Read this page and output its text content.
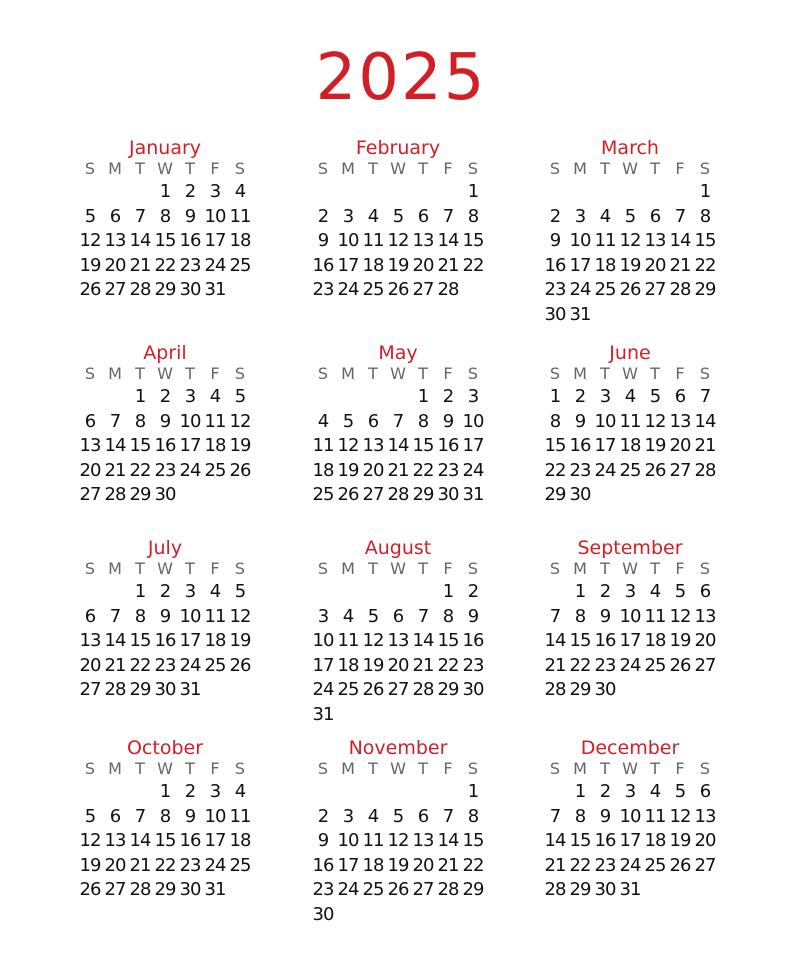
2025
January
S M T W T F S
1 2 3 4
5 6 7 8 9 10 11
12 13 14 15 16 17 18
19 20 21 22 23 24 25
26 27 28 29 30 31
February
S M T W T F S
1
2 3 4 5 6 7 8
9 10 11 12 13 14 15
16 17 18 19 20 21 22
23 24 25 26 27 28
March
S M T W T F S
1
2 3 4 5 6 7 8
9 10 11 12 13 14 15
16 17 18 19 20 21 22
23 24 25 26 27 28 29
30 31
April
S M T W T F S
1 2 3 4 5
6 7 8 9 10 11 12
13 14 15 16 17 18 19
20 21 22 23 24 25 26
27 28 29 30
May
S M T W T F S
1 2 3
4 5 6 7 8 9 10
11 12 13 14 15 16 17
18 19 20 21 22 23 24
25 26 27 28 29 30 31
June
S M T W T F S
1 2 3 4 5 6 7
8 9 10 11 12 13 14
15 16 17 18 19 20 21
22 23 24 25 26 27 28
29 30
July
S M T W T F S
1 2 3 4 5
6 7 8 9 10 11 12
13 14 15 16 17 18 19
20 21 22 23 24 25 26
27 28 29 30 31
August
S M T W T F S
1 2
3 4 5 6 7 8 9
10 11 12 13 14 15 16
17 18 19 20 21 22 23
24 25 26 27 28 29 30
31
September
S M T W T F S
1 2 3 4 5 6
7 8 9 10 11 12 13
14 15 16 17 18 19 20
21 22 23 24 25 26 27
28 29 30
October
S M T W T F S
1 2 3 4
5 6 7 8 9 10 11
12 13 14 15 16 17 18
19 20 21 22 23 24 25
26 27 28 29 30 31
November
S M T W T F S
1
2 3 4 5 6 7 8
9 10 11 12 13 14 15
16 17 18 19 20 21 22
23 24 25 26 27 28 29
30
December
S M T W T F S
1 2 3 4 5 6
7 8 9 10 11 12 13
14 15 16 17 18 19 20
21 22 23 24 25 26 27
28 29 30 31
